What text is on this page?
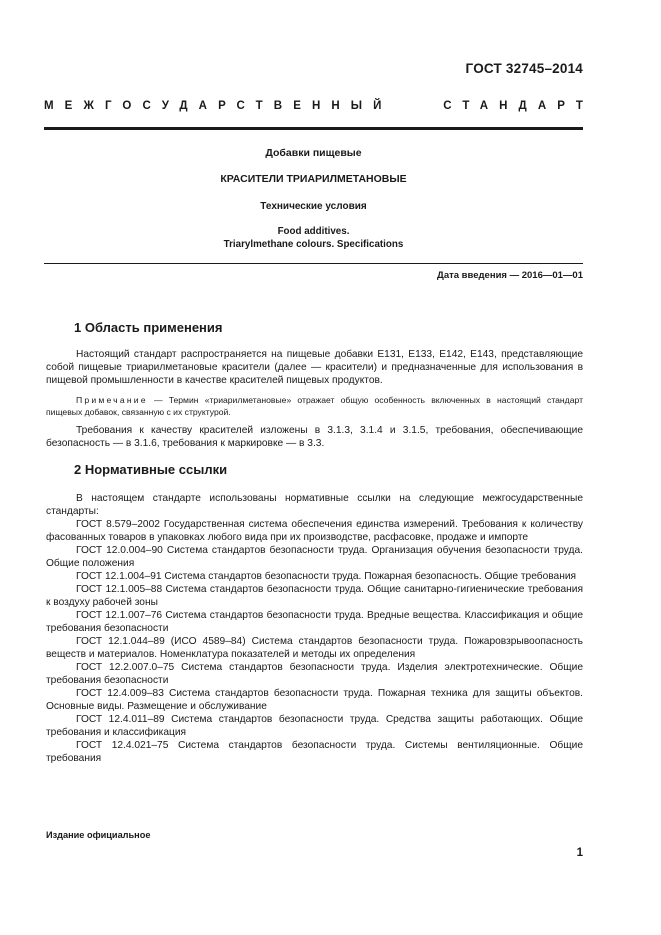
ГОСТ 32745–2014
МЕЖГОСУДАРСТВЕННЫЙ	СТАНДАРТ
Добавки пищевые
КРАСИТЕЛИ ТРИАРИЛМЕТАНОВЫЕ
Технические условия
Food additives.
Triarylmethane colours. Specifications
Дата введения — 2016—01—01
1 Область применения

Настоящий стандарт распространяется на пищевые добавки Е131, Е133, Е142, Е143, представляющие собой пищевые триарилметановые красители (далее — красители) и предназначенные для использования в пищевой промышленности в качестве красителей пищевых продуктов.

Примечание — Термин «триарилметановые» отражает общую особенность включенных в настоящий стандарт пищевых добавок, связанную с их структурой.

Требования к качеству красителей изложены в 3.1.3, 3.1.4 и 3.1.5, требования, обеспечивающие безопасность — в 3.1.6, требования к маркировке — в 3.3.

2 Нормативные ссылки

В настоящем стандарте использованы нормативные ссылки на следующие межгосударственные стандарты:

ГОСТ 8.579–2002 Государственная система обеспечения единства измерений. Требования к количеству фасованных товаров в упаковках любого вида при их производстве, расфасовке, продаже и импорте

ГОСТ 12.0.004–90 Система стандартов безопасности труда. Организация обучения безопасности труда. Общие положения

ГОСТ 12.1.004–91 Система стандартов безопасности труда. Пожарная безопасность. Общие требования

ГОСТ 12.1.005–88 Система стандартов безопасности труда. Общие санитарно-гигиенические требования к воздуху рабочей зоны

ГОСТ 12.1.007–76 Система стандартов безопасности труда. Вредные вещества. Классификация и общие требования безопасности

ГОСТ 12.1.044–89 (ИСО 4589–84) Система стандартов безопасности труда. Пожаровзрывоопасность веществ и материалов. Номенклатура показателей и методы их определения

ГОСТ 12.2.007.0–75 Система стандартов безопасности труда. Изделия электротехнические. Общие требования безопасности

ГОСТ 12.4.009–83 Система стандартов безопасности труда. Пожарная техника для защиты объектов. Основные виды. Размещение и обслуживание

ГОСТ 12.4.011–89 Система стандартов безопасности труда. Средства защиты работающих. Общие требования и классификация

ГОСТ 12.4.021–75 Система стандартов безопасности труда. Системы вентиляционные. Общие требования

Издание официальное
1
